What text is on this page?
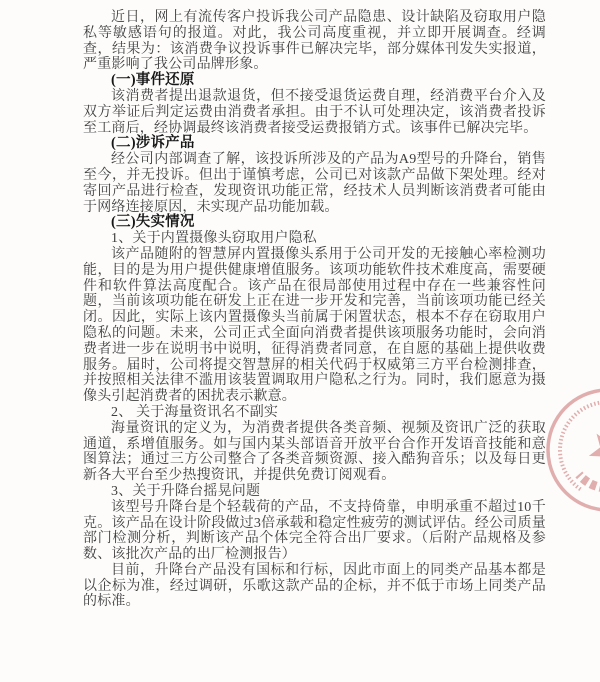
近日，网上有流传客户投诉我公司产品隐患、设计缺陷及窃取用户隐私等敏感语句的报道。对此，我公司高度重视，并立即开展调查。经调查，结果为：该消费争议投诉事件已解决完毕，部分媒体刊发失实报道，严重影响了我公司品牌形象。

(一)事件还原

该消费者提出退款退货，但不接受退货运费自理，经消费平台介入及双方举证后判定运费由消费者承担。由于不认可处理决定，该消费者投诉至工商后，经协调最终该消费者接受运费报销方式。该事件已解决完毕。

(二)涉诉产品

经公司内部调查了解，该投诉所涉及的产品为A9型号的升降台，销售至今，并无投诉。但出于谨慎考虑，公司已对该款产品做下架处理。经对寄回产品进行检查，发现资讯功能正常，经技术人员判断该消费者可能由于网络连接原因，未实现产品功能加载。

(三)失实情况

1、关于内置摄像头窃取用户隐私

该产品随附的智慧屏内置摄像头系用于公司开发的无接触心率检测功能，目的是为用户提供健康增值服务。该项功能软件技术难度高，需要硬件和软件算法高度配合。该产品在很局部使用过程中存在一些兼容性问题，当前该项功能在研发上正在进一步开发和完善，当前该项功能已经关闭。因此，实际上该内置摄像头当前属于闲置状态，根本不存在窃取用户隐私的问题。未来，公司正式全面向消费者提供该项服务功能时，会向消费者进一步在说明书中说明，征得消费者同意，在自愿的基础上提供收费服务。届时，公司将提交智慧屏的相关代码于权威第三方平台检测排查，并按照相关法律不滥用该装置调取用户隐私之行为。同时，我们愿意为摄像头引起消费者的困扰表示歉意。

2、 关于海量资讯名不副实

海量资讯的定义为，为消费者提供各类音频、视频及资讯广泛的获取通道，系增值服务。如与国内某头部语音开放平台合作开发语音技能和意图算法；通过三方公司整合了各类音频资源、接入酷狗音乐；以及每日更新各大平台至少热搜资讯，并提供免费订阅观看。

3、关于升降台摇晃问题

该型号升降台是个轻载荷的产品，不支持倚靠，申明承重不超过10千克。该产品在设计阶段做过3倍承载和稳定性疲劳的测试评估。经公司质量部门检测分析，判断该产品个体完全符合出厂要求。（后附产品规格及参数、该批次产品的出厂检测报告）

目前，升降台产品没有国标和行标，因此市面上的同类产品基本都是以企标为准，经过调研，乐歌这款产品的企标，并不低于市场上同类产品的标准。
